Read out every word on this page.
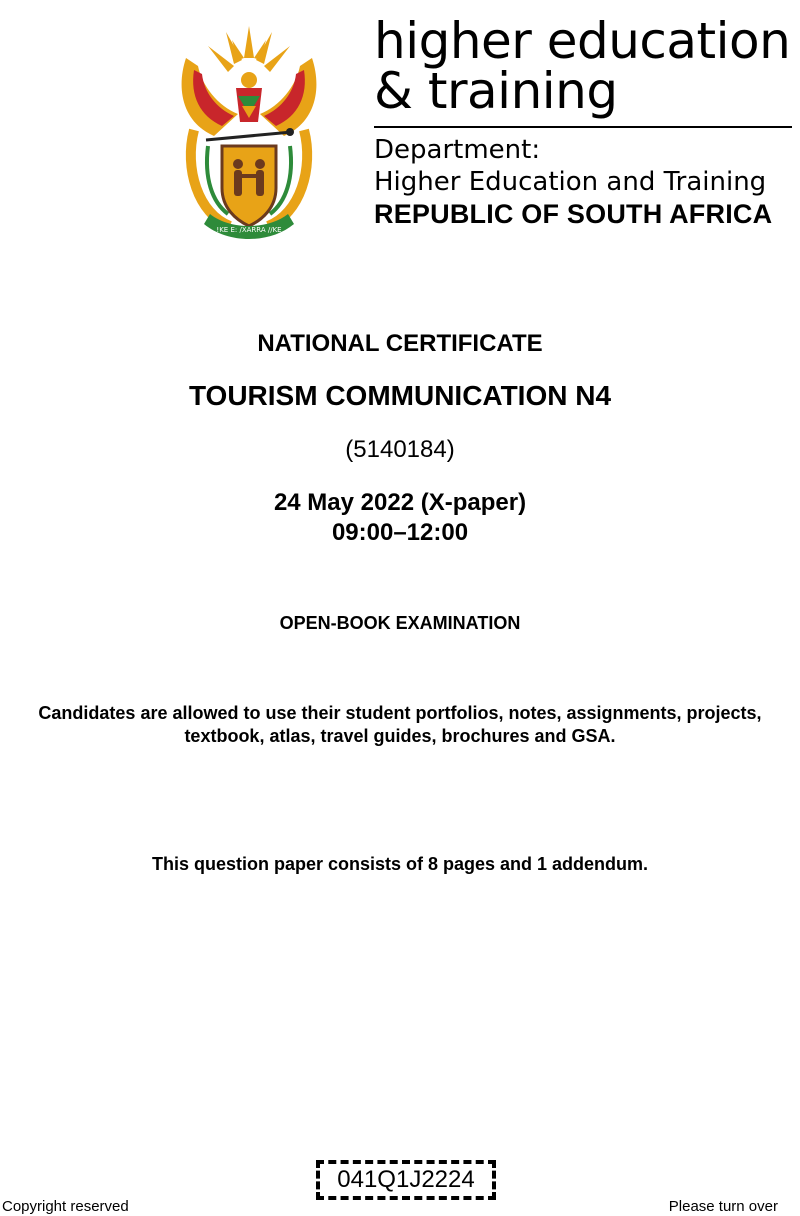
!KE E: /XARRA //KE
higher education
& training
Department:
Higher Education and Training
REPUBLIC OF SOUTH AFRICA
NATIONAL CERTIFICATE
TOURISM COMMUNICATION N4
(5140184)
24 May 2022 (X-paper)
09:00–12:00
OPEN-BOOK EXAMINATION
Candidates are allowed to use their student portfolios, notes, assignments, projects,
textbook, atlas, travel guides, brochures and GSA.
This question paper consists of 8 pages and 1 addendum.
041Q1J2224
Copyright reserved	Please turn over
